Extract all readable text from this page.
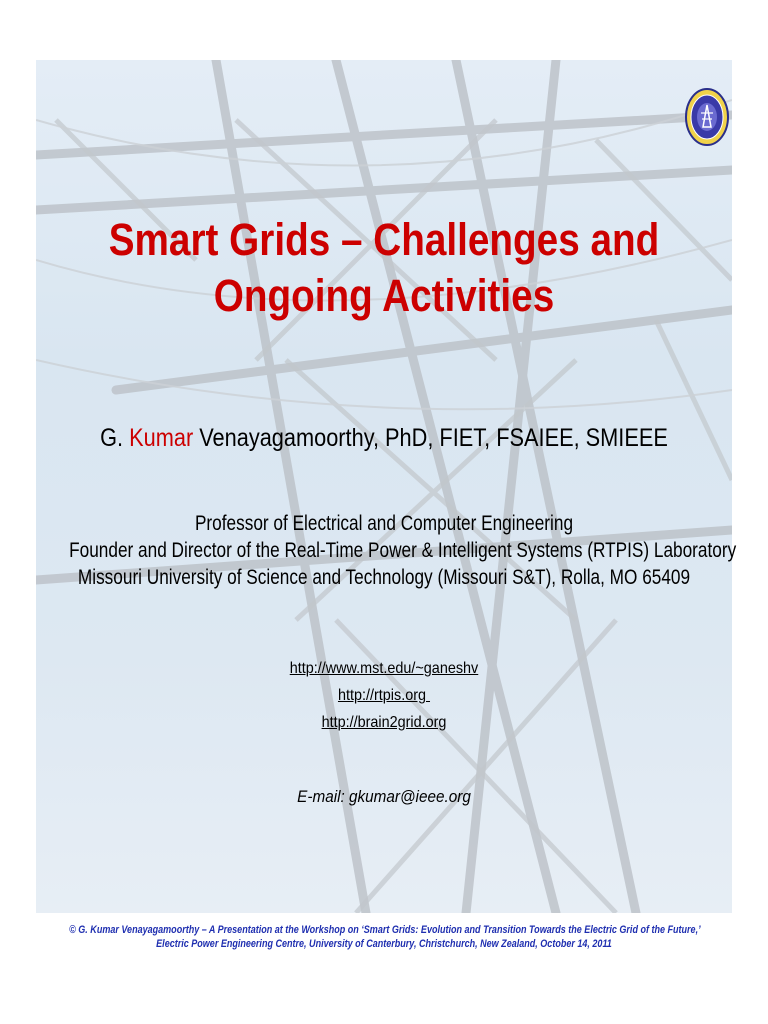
Smart Grids – Challenges and
Ongoing Activities
G. Kumar Venayagamoorthy, PhD, FIET, FSAIEE, SMIEEE
Professor of Electrical and Computer Engineering
Founder and Director of the Real-Time Power & Intelligent Systems (RTPIS) Laboratory
Missouri University of Science and Technology (Missouri S&T), Rolla, MO 65409
http://www.mst.edu/~ganeshv
http://rtpis.org
http://brain2grid.org
E-mail: gkumar@ieee.org
© G. Kumar Venayagamoorthy – A Presentation at the Workshop on ‘Smart Grids: Evolution and Transition Towards the Electric Grid of the Future,’
Electric Power Engineering Centre, University of Canterbury, Christchurch, New Zealand, October 14, 2011
